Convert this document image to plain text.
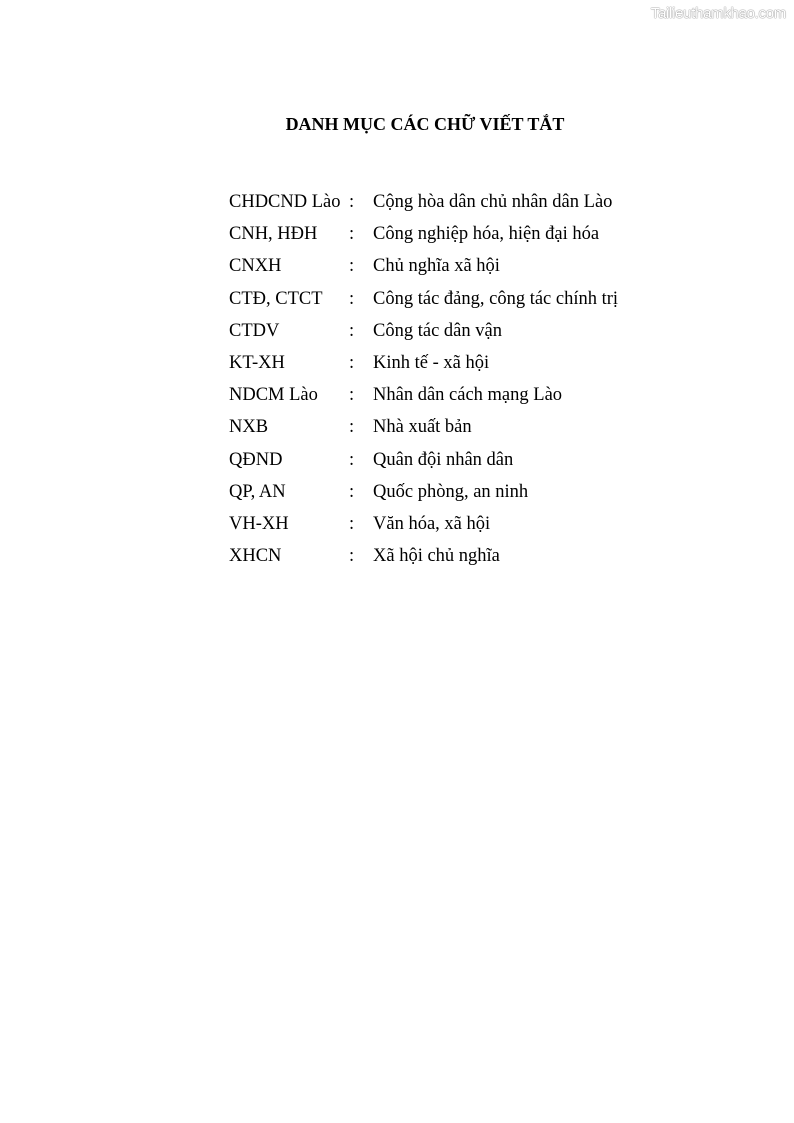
Tailieuthamkhao.com
DANH MỤC CÁC CHỮ VIẾT TẮT
CHDCND Lào : Cộng hòa dân chủ nhân dân Lào
CNH, HĐH : Công nghiệp hóa, hiện đại hóa
CNXH	: Chủ nghĩa xã hội
CTĐ, CTCT : Công tác đảng, công tác chính trị
CTDV	: Công tác dân vận
KT-XH	: Kinh tế - xã hội
NDCM Lào : Nhân dân cách mạng Lào
NXB	: Nhà xuất bản
QĐND	: Quân đội nhân dân
QP, AN	: Quốc phòng, an ninh
VH-XH	: Văn hóa, xã hội
XHCN	: Xã hội chủ nghĩa
